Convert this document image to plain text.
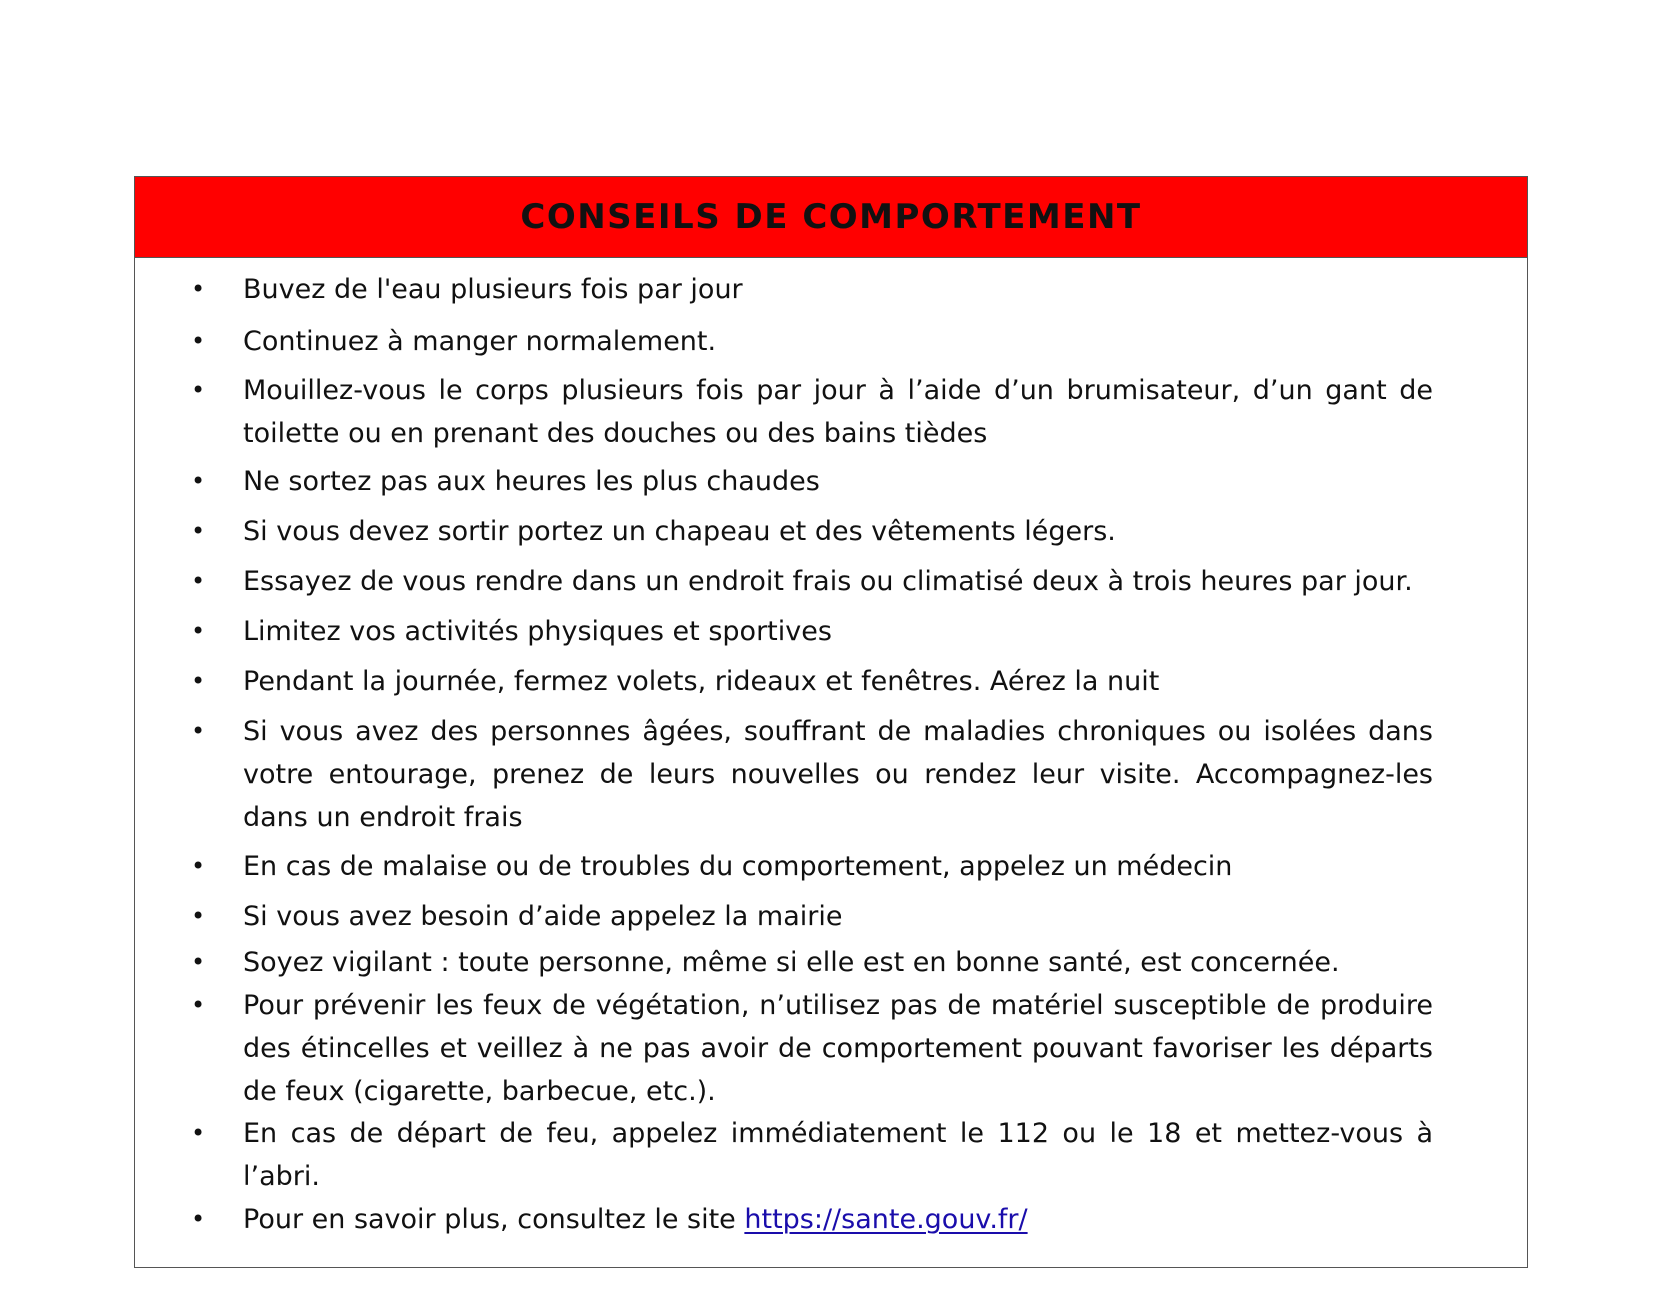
CONSEILS DE COMPORTEMENT
• Buvez de l'eau plusieurs fois par jour
• Continuez à manger normalement.
• Mouillez-vous le corps plusieurs fois par jour à l’aide d’un brumisateur, d’un gant de toilette ou en prenant des douches ou des bains tièdes
• Ne sortez pas aux heures les plus chaudes
• Si vous devez sortir portez un chapeau et des vêtements légers.
• Essayez de vous rendre dans un endroit frais ou climatisé deux à trois heures par jour.
• Limitez vos activités physiques et sportives
• Pendant la journée, fermez volets, rideaux et fenêtres. Aérez la nuit
• Si vous avez des personnes âgées, souffrant de maladies chroniques ou isolées dans votre entourage, prenez de leurs nouvelles ou rendez leur visite. Accompagnez-les dans un endroit frais
• En cas de malaise ou de troubles du comportement, appelez un médecin
• Si vous avez besoin d’aide appelez la mairie
• Soyez vigilant : toute personne, même si elle est en bonne santé, est concernée.
• Pour prévenir les feux de végétation, n’utilisez pas de matériel susceptible de produire des étincelles et veillez à ne pas avoir de comportement pouvant favoriser les départs de feux (cigarette, barbecue, etc.).
• En cas de départ de feu, appelez immédiatement le 112 ou le 18 et mettez-vous à l’abri.
• Pour en savoir plus, consultez le site https://sante.gouv.fr/
